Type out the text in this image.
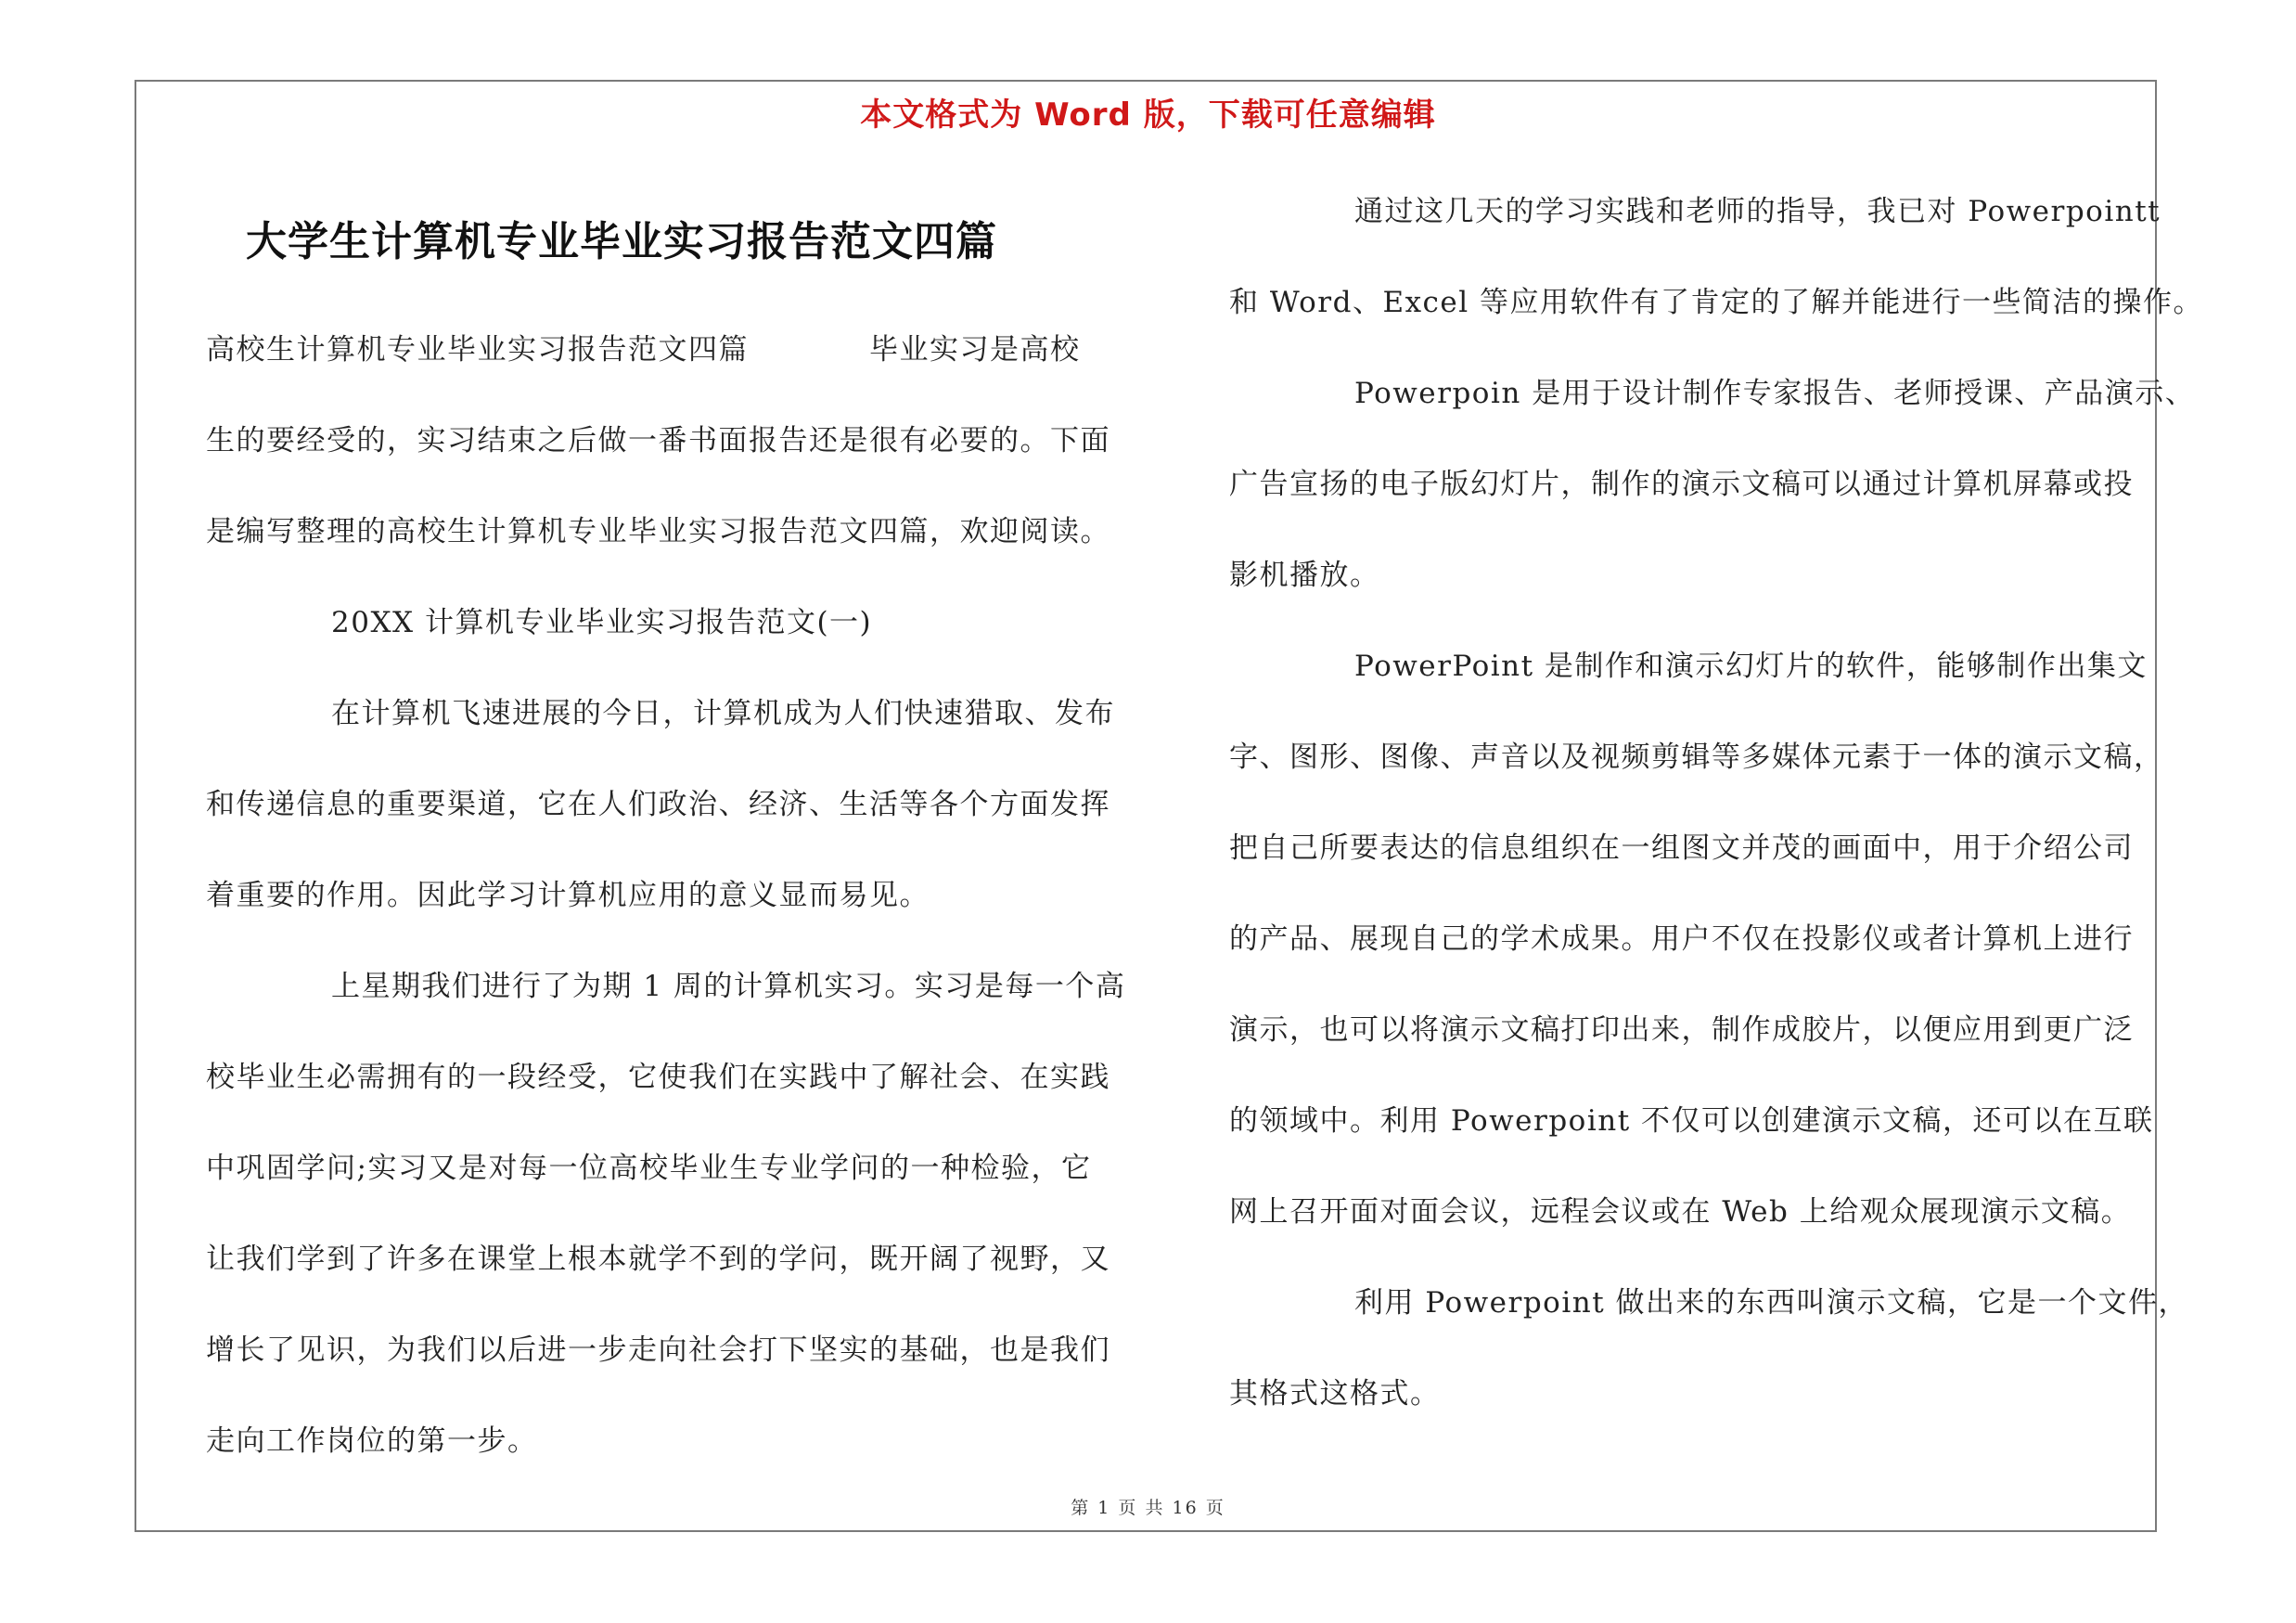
本文格式为 Word 版，下载可任意编辑
大学生计算机专业毕业实习报告范文四篇
高校生计算机专业毕业实习报告范文四篇	毕业实习是高校
生的要经受的，实习结束之后做一番书面报告还是很有必要的。下面
是编写整理的高校生计算机专业毕业实习报告范文四篇，欢迎阅读。
20XX 计算机专业毕业实习报告范文(一)
在计算机飞速进展的今日，计算机成为人们快速猎取、发布
和传递信息的重要渠道，它在人们政治、经济、生活等各个方面发挥
着重要的作用。因此学习计算机应用的意义显而易见。
上星期我们进行了为期 1 周的计算机实习。实习是每一个高
校毕业生必需拥有的一段经受，它使我们在实践中了解社会、在实践
中巩固学问;实习又是对每一位高校毕业生专业学问的一种检验，它
让我们学到了许多在课堂上根本就学不到的学问，既开阔了视野，又
增长了见识，为我们以后进一步走向社会打下坚实的基础，也是我们
走向工作岗位的第一步。
通过这几天的学习实践和老师的指导，我已对 Powerpointt
和 Word、Excel 等应用软件有了肯定的了解并能进行一些简洁的操作。
Powerpoin 是用于设计制作专家报告、老师授课、产品演示、
广告宣扬的电子版幻灯片，制作的演示文稿可以通过计算机屏幕或投
影机播放。
PowerPoint 是制作和演示幻灯片的软件，能够制作出集文
字、图形、图像、声音以及视频剪辑等多媒体元素于一体的演示文稿，
把自己所要表达的信息组织在一组图文并茂的画面中，用于介绍公司
的产品、展现自己的学术成果。用户不仅在投影仪或者计算机上进行
演示，也可以将演示文稿打印出来，制作成胶片，以便应用到更广泛
的领域中。利用 Powerpoint 不仅可以创建演示文稿，还可以在互联
网上召开面对面会议，远程会议或在 Web 上给观众展现演示文稿。
利用 Powerpoint 做出来的东西叫演示文稿，它是一个文件，
其格式这格式。
第 1 页 共 16 页
